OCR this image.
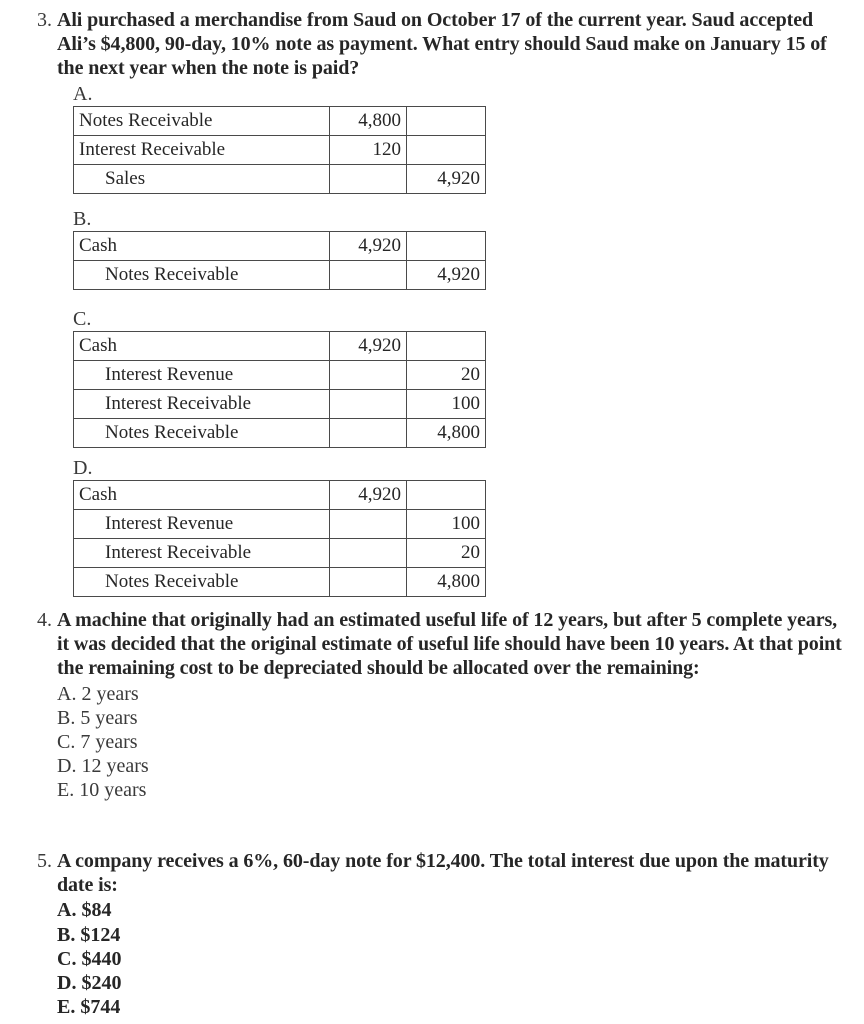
3. Ali purchased a merchandise from Saud on October 17 of the current year. Saud accepted Ali’s $4,800, 90-day, 10% note as payment. What entry should Saud make on January 15 of the next year when the note is paid?
A.
Notes Receivable	4,800	
Interest Receivable	120	
Sales		4,920
B.
Cash	4,920	
Notes Receivable		4,920
C.
Cash	4,920	
Interest Revenue		20
Interest Receivable		100
Notes Receivable		4,800
D.
Cash	4,920	
Interest Revenue		100
Interest Receivable		20
Notes Receivable		4,800
4. A machine that originally had an estimated useful life of 12 years, but after 5 complete years, it was decided that the original estimate of useful life should have been 10 years. At that point the remaining cost to be depreciated should be allocated over the remaining:
A. 2 years
B. 5 years
C. 7 years
D. 12 years
E. 10 years
5. A company receives a 6%, 60-day note for $12,400. The total interest due upon the maturity date is:
A. $84
B. $124
C. $440
D. $240
E. $744
